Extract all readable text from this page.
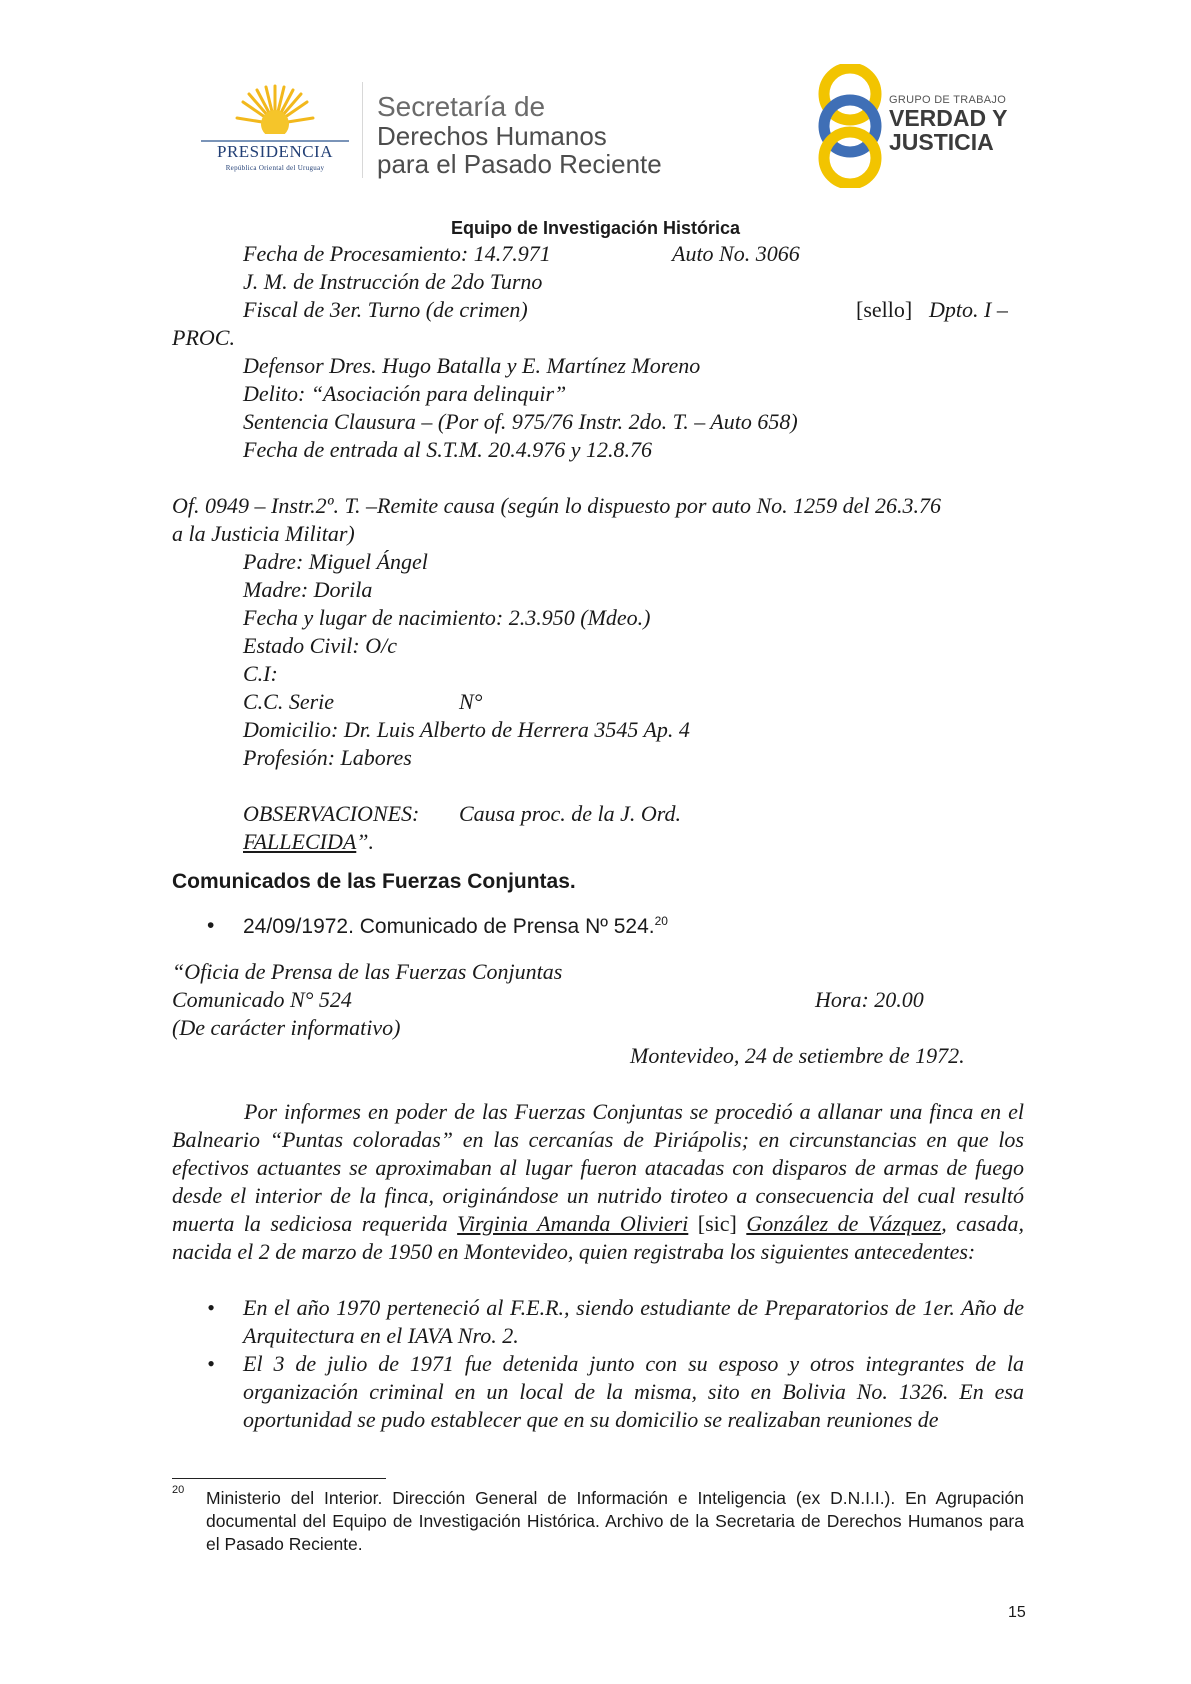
PRESIDENCIA
República Oriental del Uruguay
Secretaría de
Derechos Humanos
para el Pasado Reciente
GRUPO DE TRABAJO
VERDAD Y
JUSTICIA
Equipo de Investigación Histórica
Fecha de Procesamiento: 14.7.971	Auto No. 3066
J. M. de Instrucción de 2do Turno
Fiscal de 3er. Turno (de crimen)	[sello] Dpto. I –
PROC.
Defensor Dres. Hugo Batalla y E. Martínez Moreno
Delito: “Asociación para delinquir”
Sentencia Clausura – (Por of. 975/76 Instr. 2do. T. – Auto 658)
Fecha de entrada al S.T.M. 20.4.976 y 12.8.76
Of. 0949 – Instr.2º. T. –Remite causa (según lo dispuesto por auto No. 1259 del 26.3.76
a la Justicia Militar)
Padre: Miguel Ángel
Madre: Dorila
Fecha y lugar de nacimiento: 2.3.950 (Mdeo.)
Estado Civil: O/c
C.I:
C.C. Serie	N°
Domicilio: Dr. Luis Alberto de Herrera 3545 Ap. 4
Profesión: Labores
OBSERVACIONES: Causa proc. de la J. Ord.
FALLECIDA”.
Comunicados de las Fuerzas Conjuntas.
• 24/09/1972. Comunicado de Prensa Nº 524.20
“Oficia de Prensa de las Fuerzas Conjuntas
Comunicado N° 524	Hora: 20.00
(De carácter informativo)
Montevideo, 24 de setiembre de 1972.
Por informes en poder de las Fuerzas Conjuntas se procedió a allanar una finca en el Balneario “Puntas coloradas” en las cercanías de Piriápolis; en circunstancias en que los efectivos actuantes se aproximaban al lugar fueron atacadas con disparos de armas de fuego desde el interior de la finca, originándose un nutrido tiroteo a consecuencia del cual resultó muerta la sediciosa requerida Virginia Amanda Olivieri [sic] González de Vázquez, casada, nacida el 2 de marzo de 1950 en Montevideo, quien registraba los siguientes antecedentes:
• En el año 1970 perteneció al F.E.R., siendo estudiante de Preparatorios de 1er. Año de Arquitectura en el IAVA Nro. 2.
• El 3 de julio de 1971 fue detenida junto con su esposo y otros integrantes de la organización criminal en un local de la misma, sito en Bolivia No. 1326. En esa oportunidad se pudo establecer que en su domicilio se realizaban reuniones de
20 Ministerio del Interior. Dirección General de Información e Inteligencia (ex D.N.I.I.). En Agrupación documental del Equipo de Investigación Histórica. Archivo de la Secretaria de Derechos Humanos para el Pasado Reciente.
15
